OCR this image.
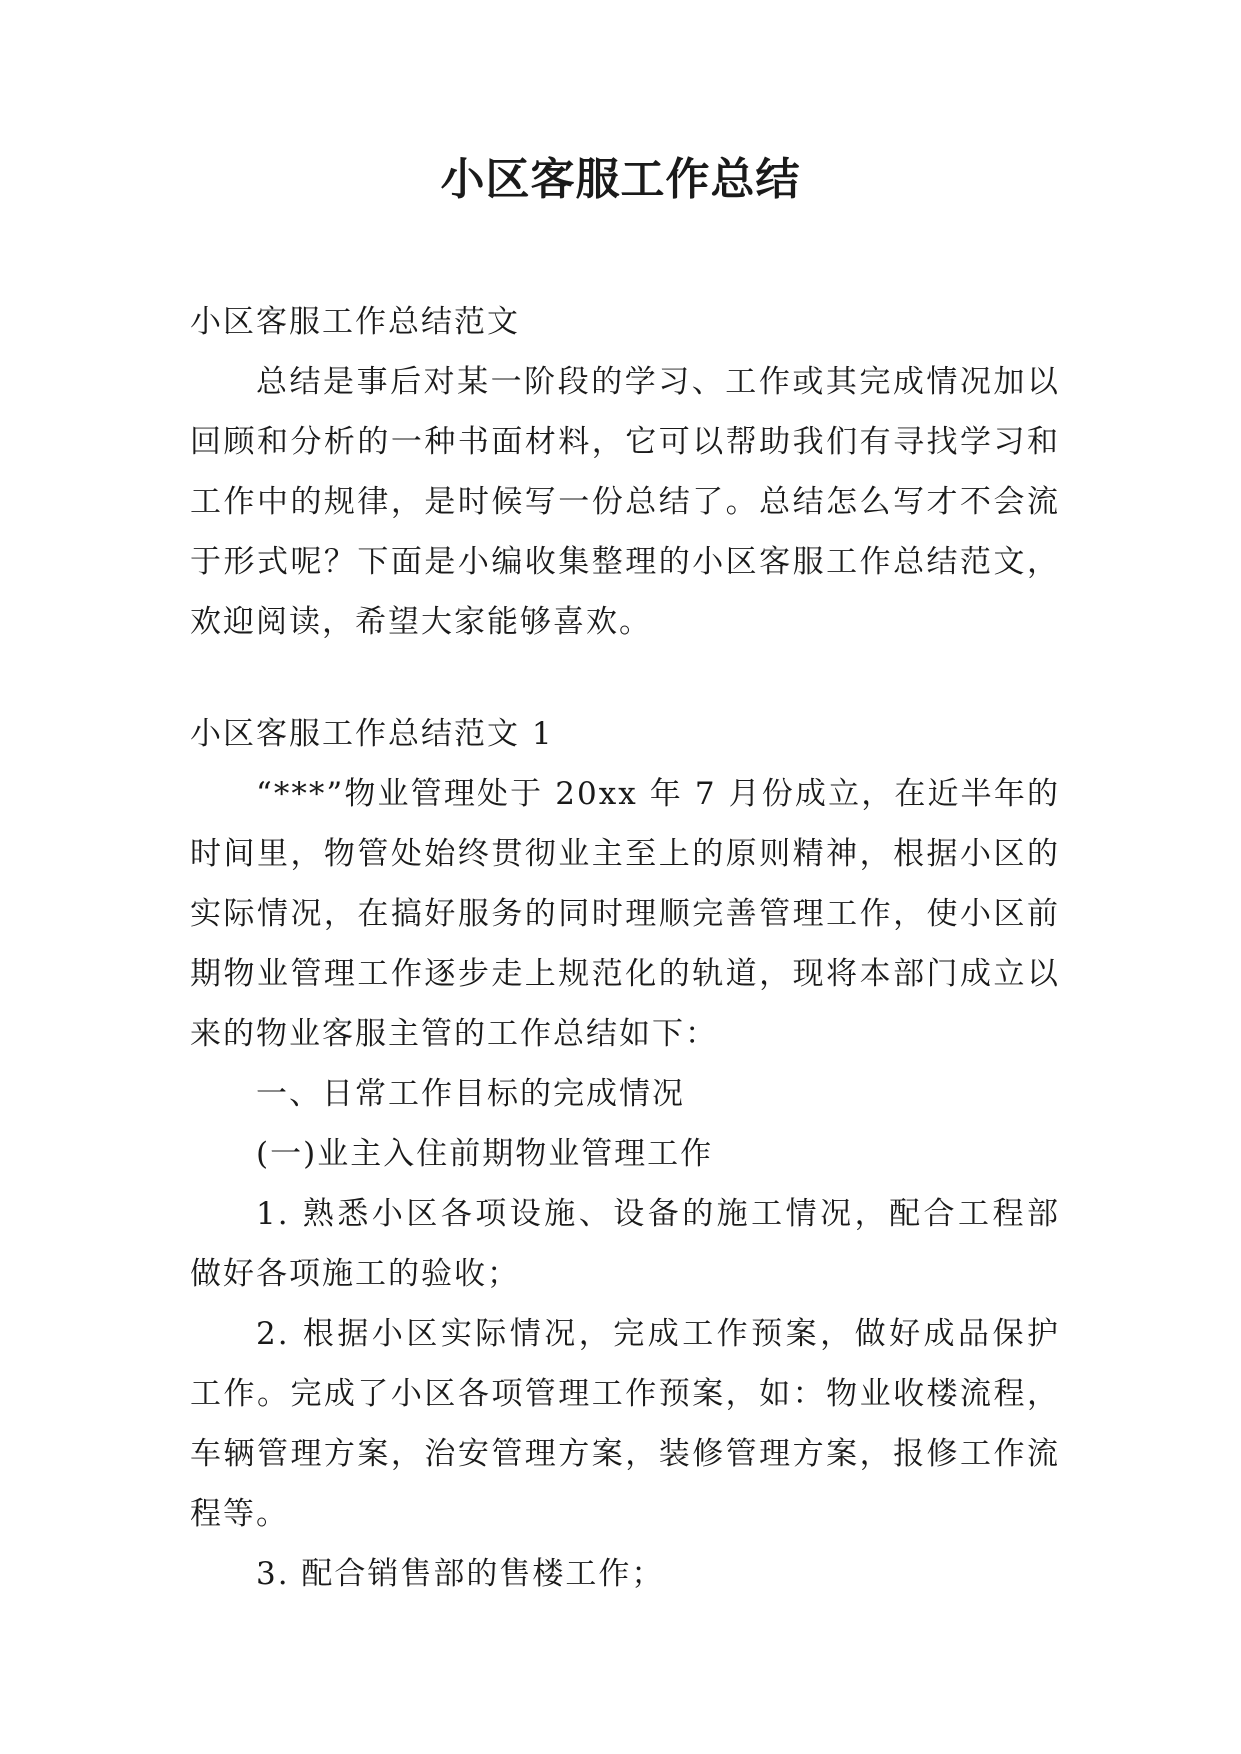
小区客服工作总结

小区客服工作总结范文

总结是事后对某一阶段的学习、工作或其完成情况加以回顾和分析的一种书面材料，它可以帮助我们有寻找学习和工作中的规律，是时候写一份总结了。总结怎么写才不会流于形式呢？下面是小编收集整理的小区客服工作总结范文，欢迎阅读，希望大家能够喜欢。

小区客服工作总结范文 1

“***”物业管理处于 20xx 年 7 月份成立，在近半年的时间里，物管处始终贯彻业主至上的原则精神，根据小区的实际情况，在搞好服务的同时理顺完善管理工作，使小区前期物业管理工作逐步走上规范化的轨道，现将本部门成立以来的物业客服主管的工作总结如下：

一、日常工作目标的完成情况

(一)业主入住前期物业管理工作

1. 熟悉小区各项设施、设备的施工情况，配合工程部做好各项施工的验收；

2. 根据小区实际情况，完成工作预案，做好成品保护工作。完成了小区各项管理工作预案，如：物业收楼流程，车辆管理方案，治安管理方案，装修管理方案，报修工作流程等。

3. 配合销售部的售楼工作；
